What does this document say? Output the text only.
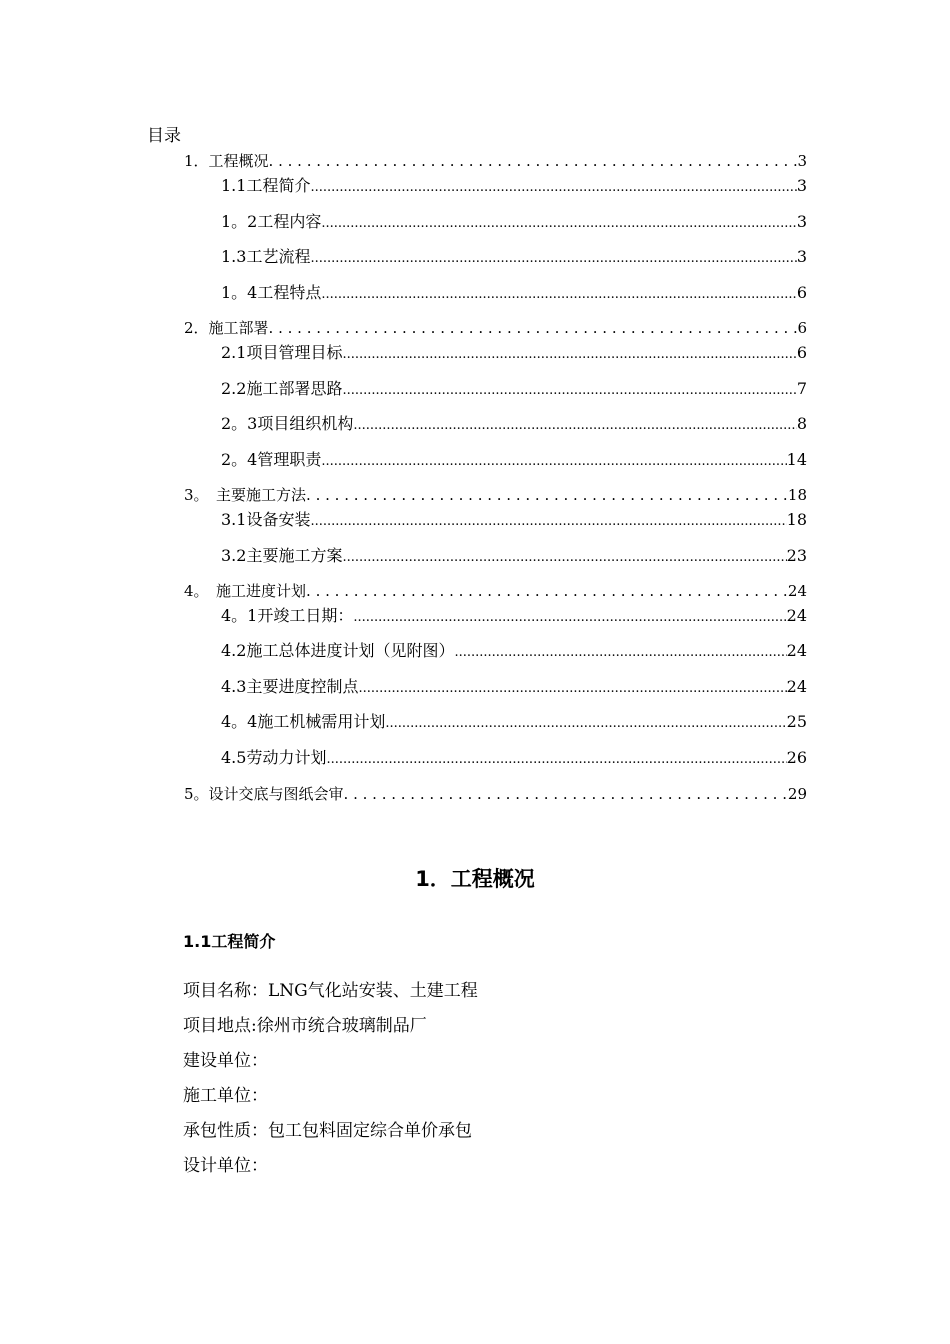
目录
1．工程概况 . . .	3
1.1工程简介 .....	3
1。2工程内容 .....	3
1.3工艺流程 .....	3
1。4工程特点 .....	6
2．施工部署 . . .	6
2.1项目管理目标 .....	6
2.2施工部署思路 .....	7
2。3项目组织机构 .....	8
2。4管理职责 .....	14
3。　主要施工方法 . . .	18
3.1设备安装 .....	18
3.2主要施工方案 .....	23
4。　施工进度计划 . . .	24
4。1开竣工日期： .....	24
4.2施工总体进度计划（见附图） .....	24
4.3主要进度控制点 .....	24
4。4施工机械需用计划 .....	25
4.5劳动力计划 .....	26
5。设计交底与图纸会审 . . .	29
1．工程概况
1.1工程简介
项目名称：LNG气化站安装、土建工程
项目地点:徐州市统合玻璃制品厂
建设单位：
施工单位：
承包性质：包工包料固定综合单价承包
设计单位：
